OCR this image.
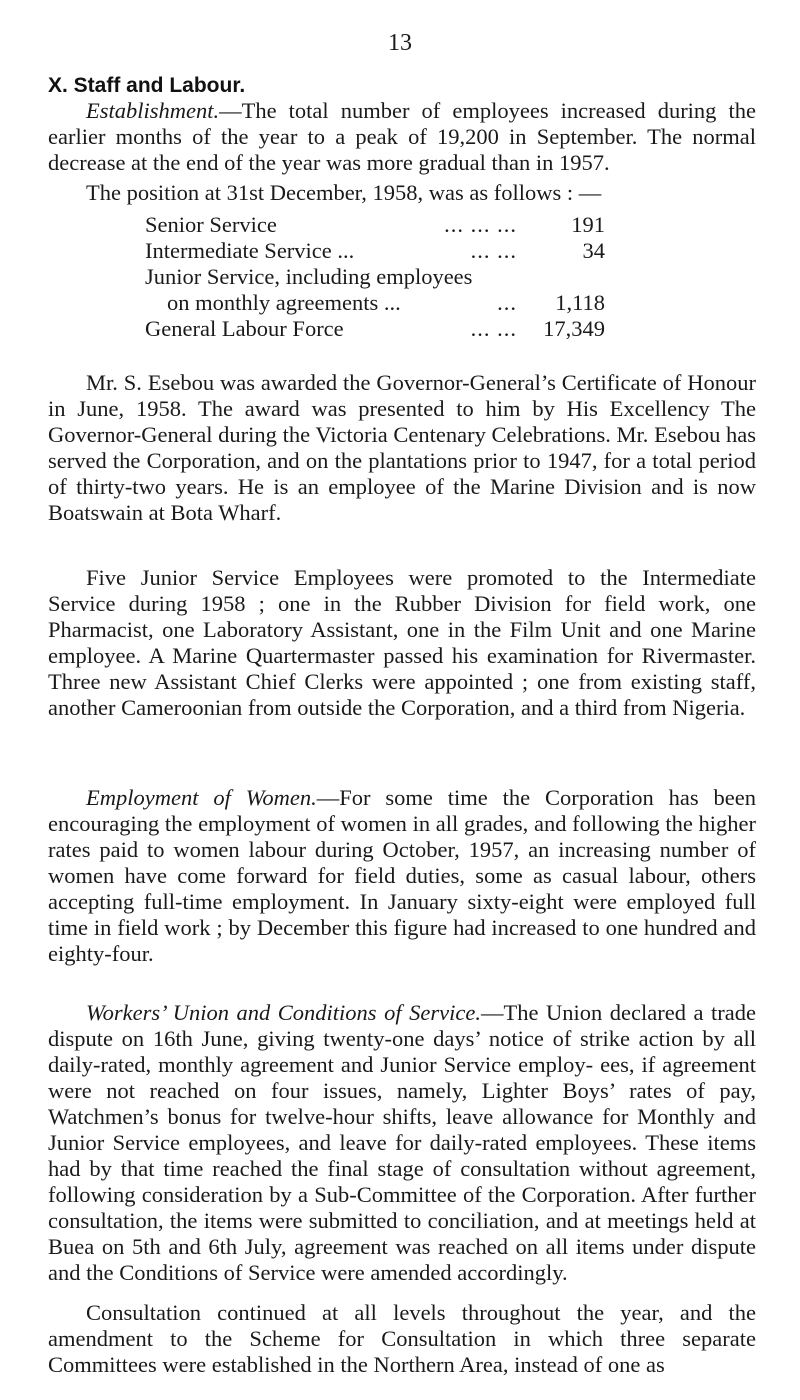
13
X. Staff and Labour.

Establishment.—The total number of employees increased during the earlier months of the year to a peak of 19,200 in September. The normal decrease at the end of the year was more gradual than in 1957.

The position at 31st December, 1958, was as follows : —

Senior Service	... ... ...	191
Intermediate Service ...	... ...	34
Junior Service, including employees
on monthly agreements ...	...	1,118
General Labour Force	... ...	17,349

Mr. S. Esebou was awarded the Governor-General’s Certificate of Honour in June, 1958. The award was presented to him by His Excellency The Governor-General during the Victoria Centenary Celebrations. Mr. Esebou has served the Corporation, and on the plantations prior to 1947, for a total period of thirty-two years. He is an employee of the Marine Division and is now Boatswain at Bota Wharf.

Five Junior Service Employees were promoted to the Intermediate Service during 1958 ; one in the Rubber Division for field work, one Pharmacist, one Laboratory Assistant, one in the Film Unit and one Marine employee. A Marine Quartermaster passed his examination for Rivermaster. Three new Assistant Chief Clerks were appointed ; one from existing staff, another Cameroonian from outside the Corporation, and a third from Nigeria.

Employment of Women.—For some time the Corporation has been encouraging the employment of women in all grades, and following the higher rates paid to women labour during October, 1957, an increasing number of women have come forward for field duties, some as casual labour, others accepting full-time employment. In January sixty-eight were employed full time in field work ; by December this figure had increased to one hundred and eighty-four.

Workers’ Union and Conditions of Service.—The Union declared a trade dispute on 16th June, giving twenty-one days’ notice of strike action by all daily-rated, monthly agreement and Junior Service employ- ees, if agreement were not reached on four issues, namely, Lighter Boys’ rates of pay, Watchmen’s bonus for twelve-hour shifts, leave allowance for Monthly and Junior Service employees, and leave for daily-rated employees. These items had by that time reached the final stage of consultation without agreement, following consideration by a Sub-Committee of the Corporation. After further consultation, the items were submitted to conciliation, and at meetings held at Buea on 5th and 6th July, agreement was reached on all items under dispute and the Conditions of Service were amended accordingly.

Consultation continued at all levels throughout the year, and the amendment to the Scheme for Consultation in which three separate Committees were established in the Northern Area, instead of one as
